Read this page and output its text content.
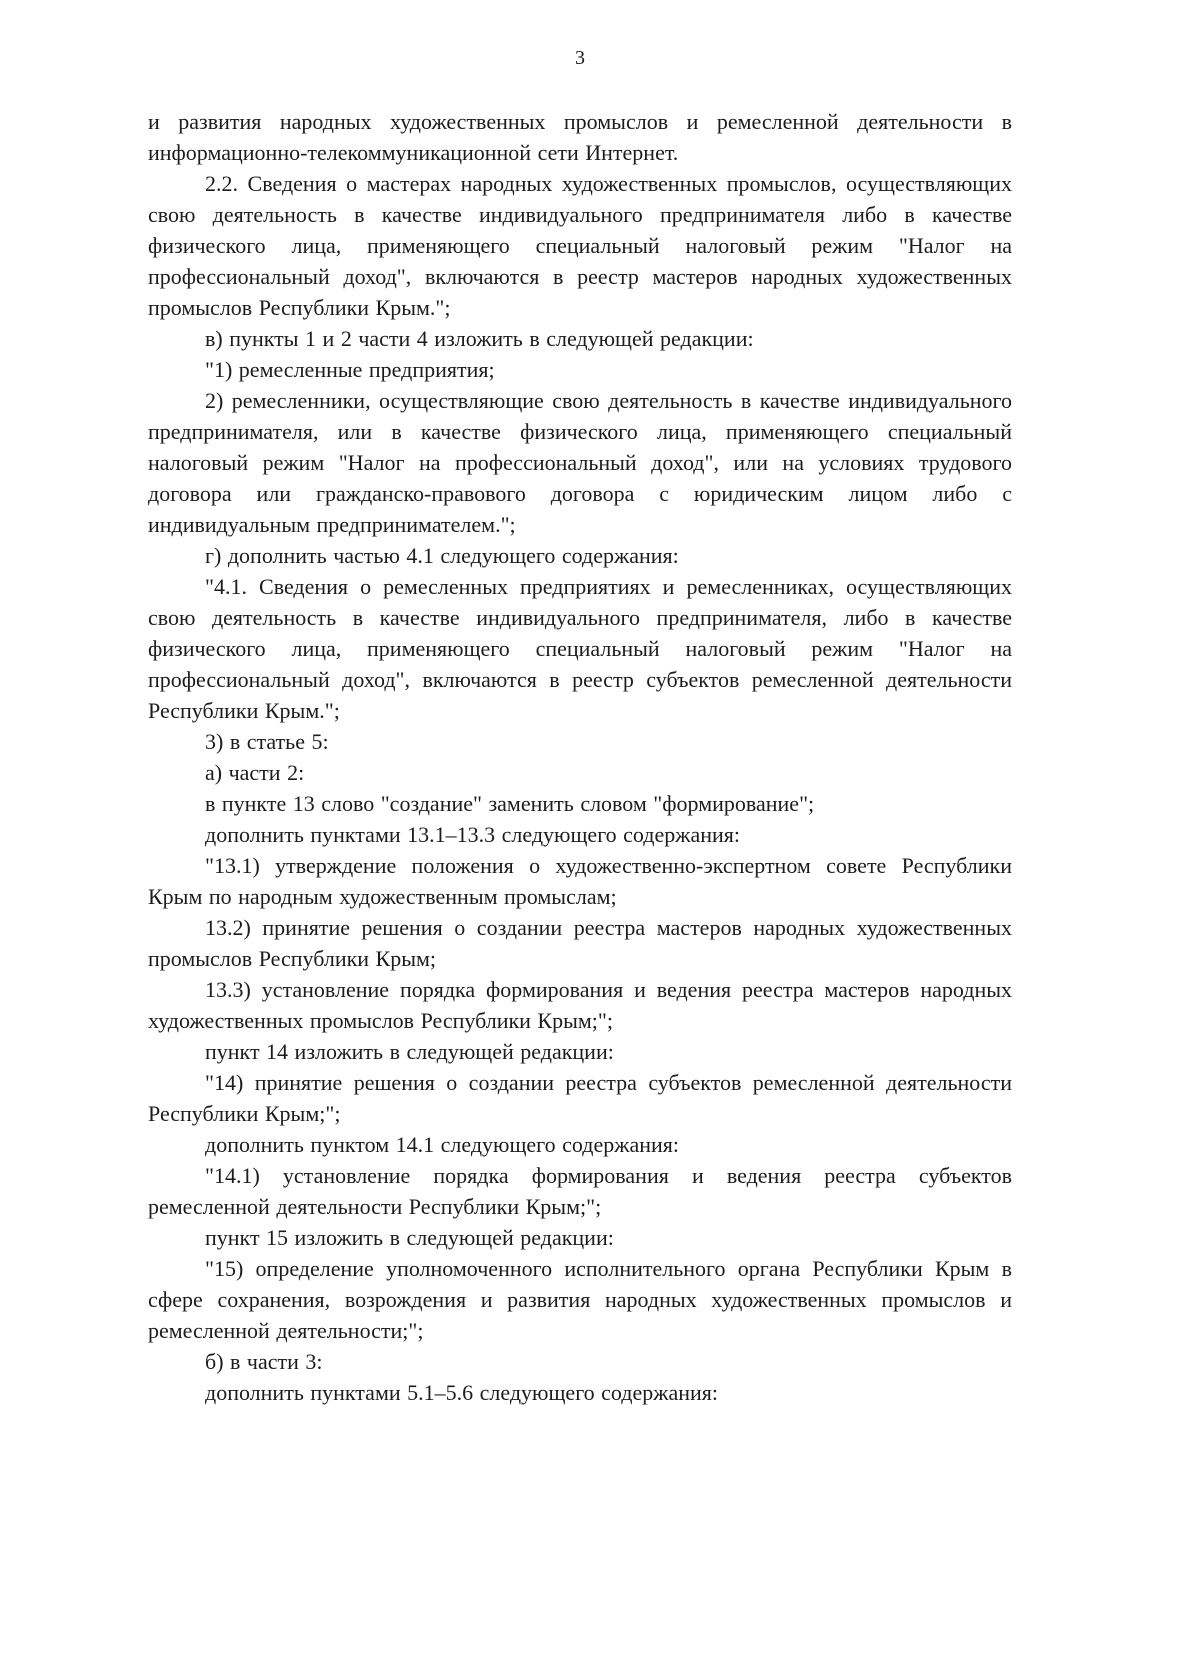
3

и развития народных художественных промыслов и ремесленной деятельности в информационно-телекоммуникационной сети Интернет.

2.2. Сведения о мастерах народных художественных промыслов, осуществляющих свою деятельность в качестве индивидуального предпринимателя либо в качестве физического лица, применяющего специальный налоговый режим "Налог на профессиональный доход", включаются в реестр мастеров народных художественных промыслов Республики Крым.";

в) пункты 1 и 2 части 4 изложить в следующей редакции:

"1) ремесленные предприятия;

2) ремесленники, осуществляющие свою деятельность в качестве индивидуального предпринимателя, или в качестве физического лица, применяющего специальный налоговый режим "Налог на профессиональный доход", или на условиях трудового договора или гражданско-правового договора с юридическим лицом либо с индивидуальным предпринимателем.";

г) дополнить частью 4.1 следующего содержания:

"4.1. Сведения о ремесленных предприятиях и ремесленниках, осуществляющих свою деятельность в качестве индивидуального предпринимателя, либо в качестве физического лица, применяющего специальный налоговый режим "Налог на профессиональный доход", включаются в реестр субъектов ремесленной деятельности Республики Крым.";

3) в статье 5:

а) части 2:

в пункте 13 слово "создание" заменить словом "формирование";

дополнить пунктами 13.1–13.3 следующего содержания:

"13.1) утверждение положения о художественно-экспертном совете Республики Крым по народным художественным промыслам;

13.2) принятие решения о создании реестра мастеров народных художественных промыслов Республики Крым;

13.3) установление порядка формирования и ведения реестра мастеров народных художественных промыслов Республики Крым;";

пункт 14 изложить в следующей редакции:

"14) принятие решения о создании реестра субъектов ремесленной деятельности Республики Крым;";

дополнить пунктом 14.1 следующего содержания:

"14.1) установление порядка формирования и ведения реестра субъектов ремесленной деятельности Республики Крым;";

пункт 15 изложить в следующей редакции:

"15) определение уполномоченного исполнительного органа Республики Крым в сфере сохранения, возрождения и развития народных художественных промыслов и ремесленной деятельности;";

б) в части 3:

дополнить пунктами 5.1–5.6 следующего содержания:
